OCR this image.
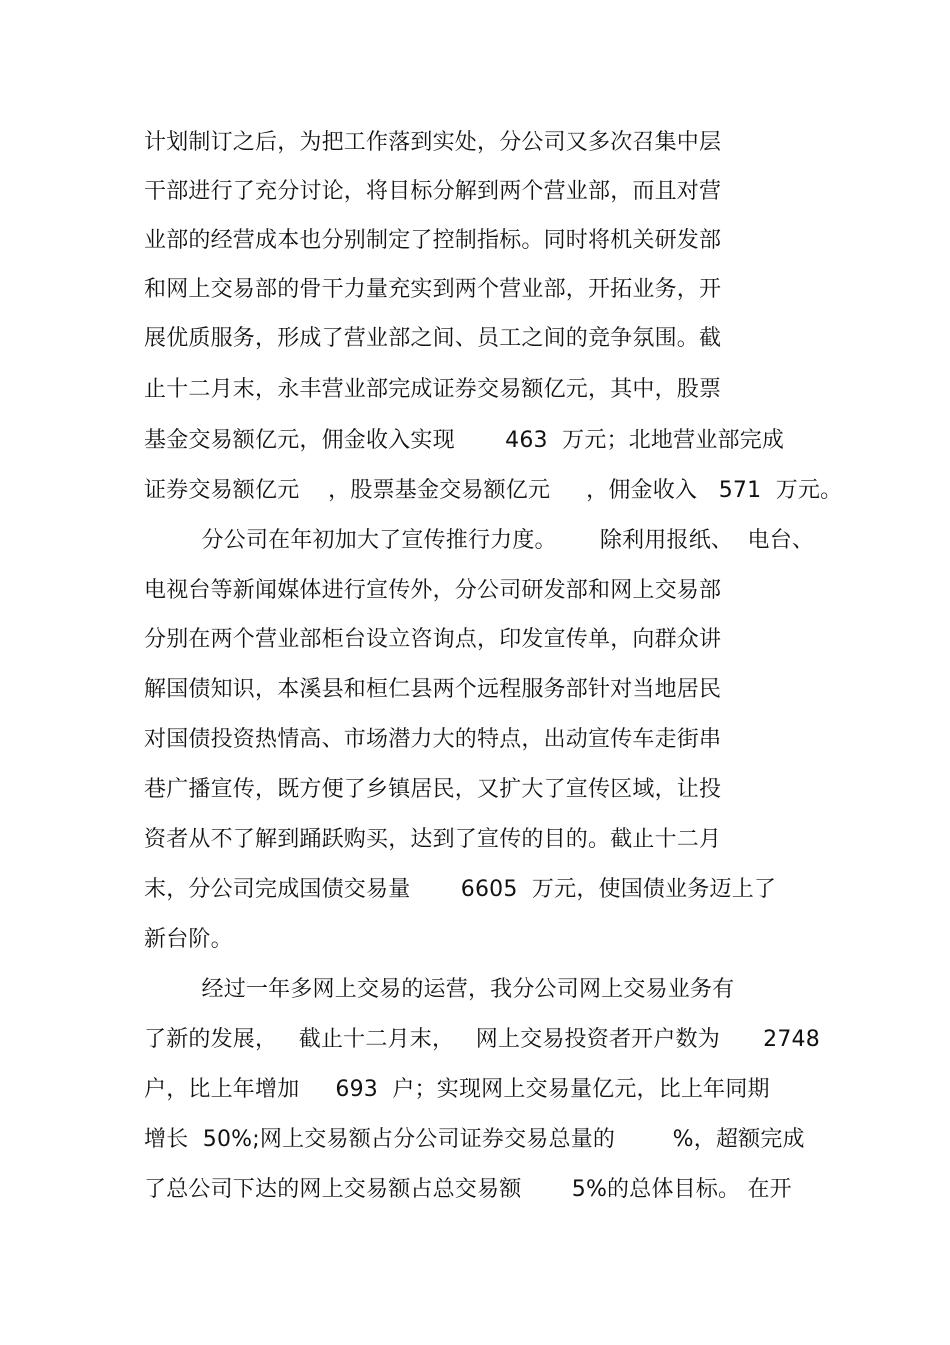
计划制订之后，为把工作落到实处，分公司又多次召集中层
干部进行了充分讨论，将目标分解到两个营业部，而且对营
业部的经营成本也分别制定了控制指标。同时将机关研发部
和网上交易部的骨干力量充实到两个营业部，开拓业务，开
展优质服务，形成了营业部之间、员工之间的竞争氛围。截
止十二月末，永丰营业部完成证券交易额亿元，其中，股票
基金交易额亿元，佣金收入实现       463  万元；北地营业部完成
证券交易额亿元    ，股票基金交易额亿元     ，佣金收入   571  万元。
分公司在年初加大了宣传推行力度。      除利用报纸、  电台、
电视台等新闻媒体进行宣传外，分公司研发部和网上交易部
分别在两个营业部柜台设立咨询点，印发宣传单，向群众讲
解国债知识，本溪县和桓仁县两个远程服务部针对当地居民
对国债投资热情高、市场潜力大的特点，出动宣传车走街串
巷广播宣传，既方便了乡镇居民，又扩大了宣传区域，让投
资者从不了解到踊跃购买，达到了宣传的目的。截止十二月
末，分公司完成国债交易量       6605  万元，使国债业务迈上了
新台阶。
经过一年多网上交易的运营，我分公司网上交易业务有
了新的发展，   截止十二月末，   网上交易投资者开户数为      2748
户，比上年增加     693  户；实现网上交易量亿元，比上年同期
增长  50%;网上交易额占分公司证券交易总量的        %，超额完成
了总公司下达的网上交易额占总交易额       5%的总体目标。 在开
